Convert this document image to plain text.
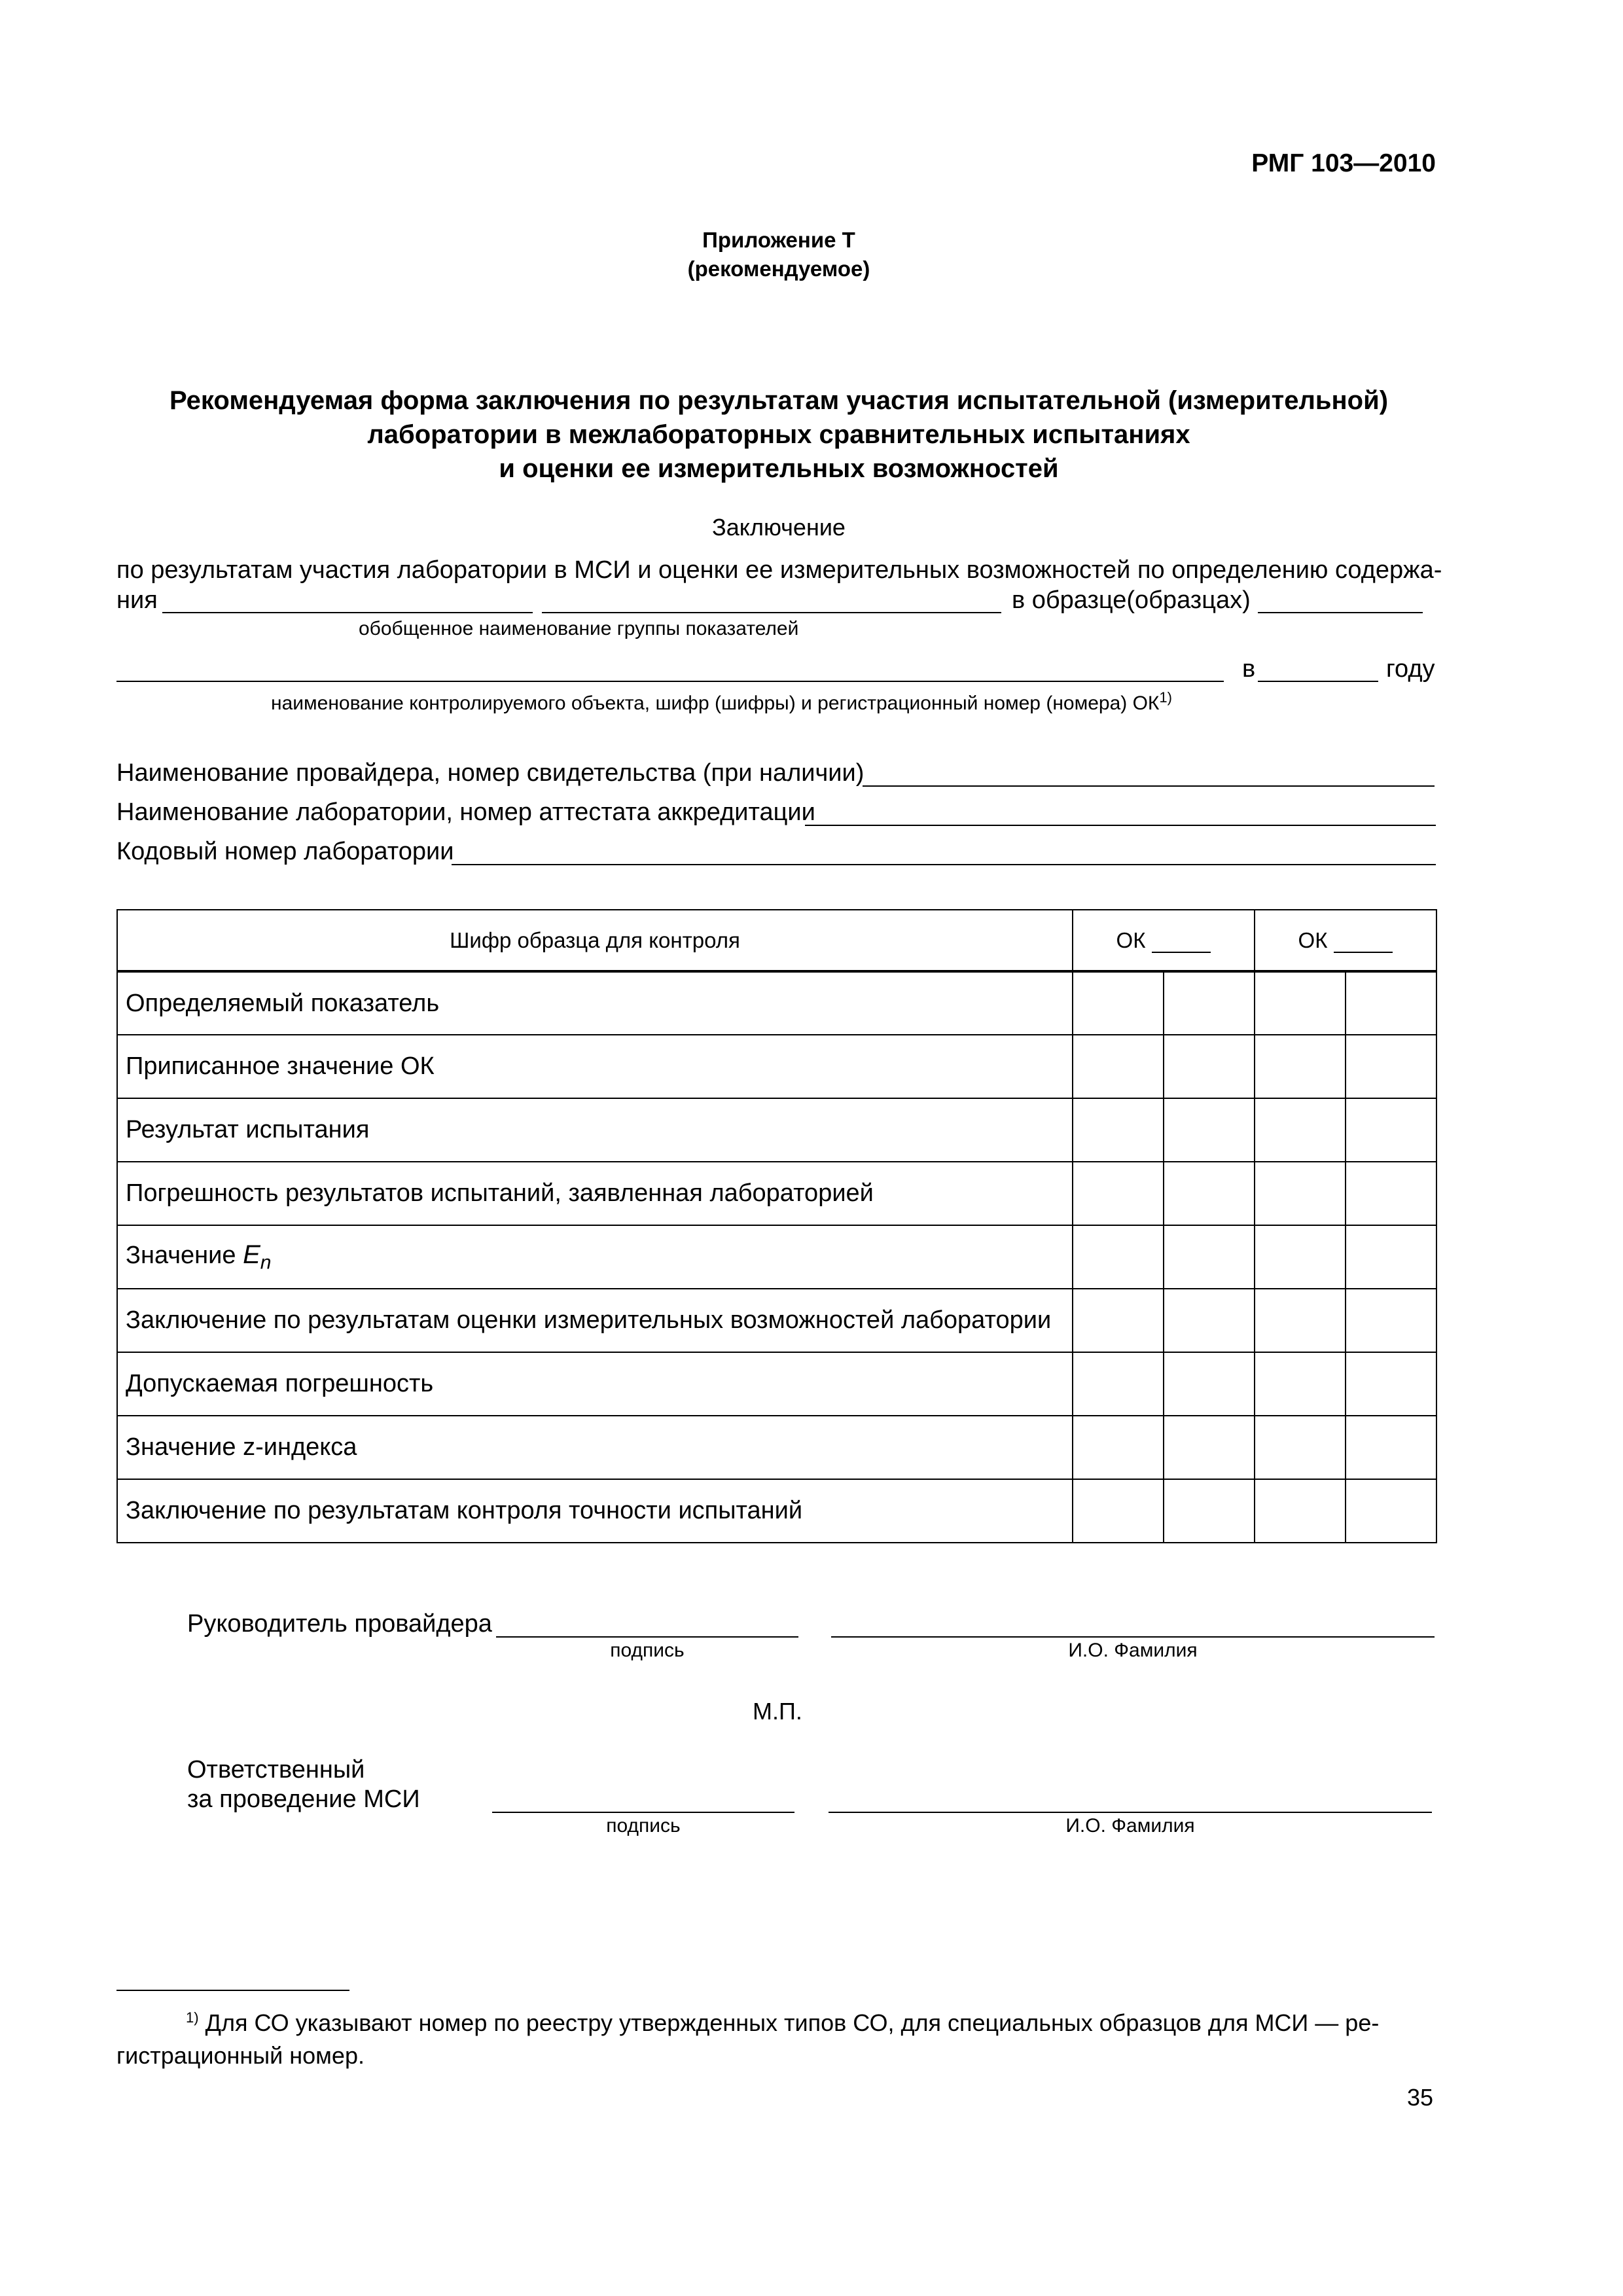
РМГ 103—2010
Приложение Т
(рекомендуемое)
Рекомендуемая форма заключения по результатам участия испытательной (измерительной)
лаборатории в межлабораторных сравнительных испытаниях
и оценки ее измерительных возможностей
Заключение
по результатам участия лаборатории в МСИ и оценки ее измерительных возможностей по определению содержа-
ния	в образце(образцах)
обобщенное наименование группы показателей
в	году
наименование контролируемого объекта, шифр (шифры) и регистрационный номер (номера) ОК$^{1)}$
Наименование провайдера, номер свидетельства (при наличии)
Наименование лаборатории, номер аттестата аккредитации
Кодовый номер лаборатории
Шифр образца для контроля	ОК		ОК	
Определяемый показатель				
Приписанное значение ОК				
Результат испытания				
Погрешность результатов испытаний, заявленная лабораторией				
Значение $E_n$				
Заключение по результатам оценки измерительных возможностей лаборатории				
Допускаемая погрешность				
Значение z-индекса				
Заключение по результатам контроля точности испытаний				
Руководитель провайдера
подпись	И.О. Фамилия
М.П.
Ответственный
за проведение МСИ
подпись	И.О. Фамилия
$^{1)}$ Для СО указывают номер по реестру утвержденных типов СО, для специальных образцов для МСИ — ре-
гистрационный номер.
35
